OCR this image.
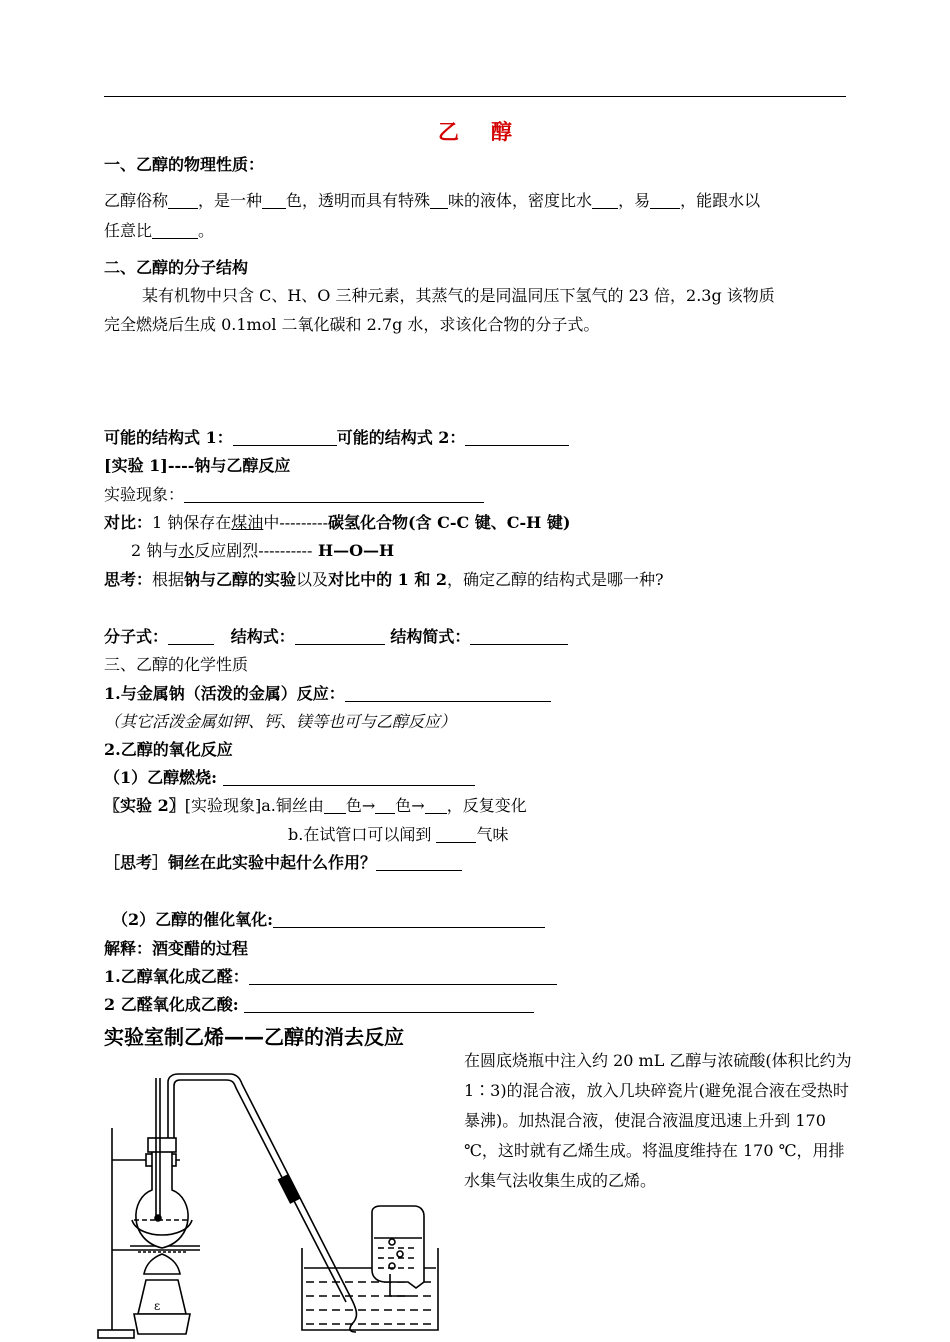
乙 醇
一、乙醇的物理性质：
乙醇俗称 ，是一种 色，透明而具有特殊 味的液体，密度比水 ，易 ，能跟水以
任意比	。
二、乙醇的分子结构
某有机物中只含 C、H、O 三种元素，其蒸气的是同温同压下氢气的 23 倍，2.3g 该物质
完全燃烧后生成 0.1mol 二氧化碳和 2.7g 水，求该化合物的分子式。
可能的结构式 1：	可能的结构式 2：
[实验 1]----钠与乙醇反应
实验现象：
对比：1 钠保存在煤油中---------碳氢化合物(含 C-C 键、C-H 键)
2 钠与水反应剧烈---------- H—O—H
思考：根据钠与乙醇的实验以及对比中的 1 和 2，确定乙醇的结构式是哪一种?
分子式：	结构式：	结构简式：
三、乙醇的化学性质
1.与金属钠（活泼的金属）反应：
（其它活泼金属如钾、钙、镁等也可与乙醇反应）
2.乙醇的氧化反应
（1）乙醇燃烧:
〖实验 2〗[实验现象]a.铜丝由 色→ 色→ ，反复变化
b.在试管口可以闻到	气味
［思考］铜丝在此实验中起什么作用？
（2）乙醇的催化氧化:
解释：酒变醋的过程
1.乙醇氧化成乙醛：
2 乙醛氧化成乙酸:
实验室制乙烯——乙醇的消去反应
在圆底烧瓶中注入约 20 mL 乙醇与浓硫酸(体积比约为 1∶3)的混合液，放入几块碎瓷片(避免混合液在受热时暴沸)。加热混合液，使混合液温度迅速上升到 170 ℃，这时就有乙烯生成。将温度维持在 170 ℃，用排水集气法收集生成的乙烯。
ε
